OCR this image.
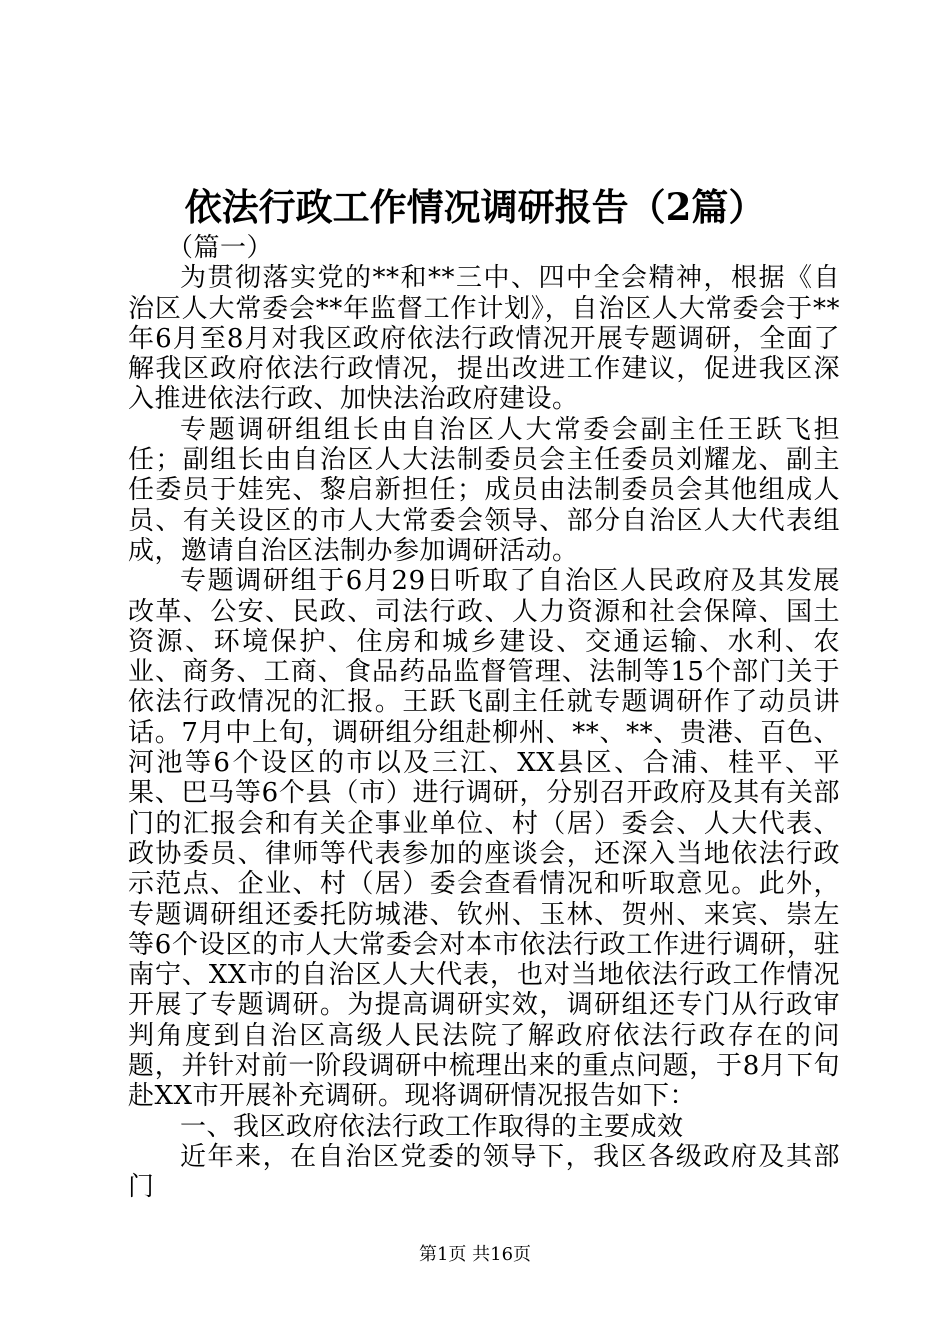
依法行政工作情况调研报告（2篇）

（篇一）

为贯彻落实党的**和**三中、四中全会精神，根据《自治区人大常委会**年监督工作计划》，自治区人大常委会于**年6月至8月对我区政府依法行政情况开展专题调研，全面了解我区政府依法行政情况，提出改进工作建议，促进我区深入推进依法行政、加快法治政府建设。

专题调研组组长由自治区人大常委会副主任王跃飞担任；副组长由自治区人大法制委员会主任委员刘耀龙、副主任委员于娃宪、黎启新担任；成员由法制委员会其他组成人员、有关设区的市人大常委会领导、部分自治区人大代表组成，邀请自治区法制办参加调研活动。

专题调研组于6月29日听取了自治区人民政府及其发展改革、公安、民政、司法行政、人力资源和社会保障、国土资源、环境保护、住房和城乡建设、交通运输、水利、农业、商务、工商、食品药品监督管理、法制等15个部门关于依法行政情况的汇报。王跃飞副主任就专题调研作了动员讲话。7月中上旬，调研组分组赴柳州、**、**、贵港、百色、河池等6个设区的市以及三江、XX县区、合浦、桂平、平果、巴马等6个县（市）进行调研，分别召开政府及其有关部门的汇报会和有关企事业单位、村（居）委会、人大代表、政协委员、律师等代表参加的座谈会，还深入当地依法行政示范点、企业、村（居）委会查看情况和听取意见。此外，专题调研组还委托防城港、钦州、玉林、贺州、来宾、崇左等6个设区的市人大常委会对本市依法行政工作进行调研，驻南宁、XX市的自治区人大代表，也对当地依法行政工作情况开展了专题调研。为提高调研实效，调研组还专门从行政审判角度到自治区高级人民法院了解政府依法行政存在的问题，并针对前一阶段调研中梳理出来的重点问题，于8月下旬赴XX市开展补充调研。现将调研情况报告如下：

一、我区政府依法行政工作取得的主要成效

近年来，在自治区党委的领导下，我区各级政府及其部门

第1页 共16页
